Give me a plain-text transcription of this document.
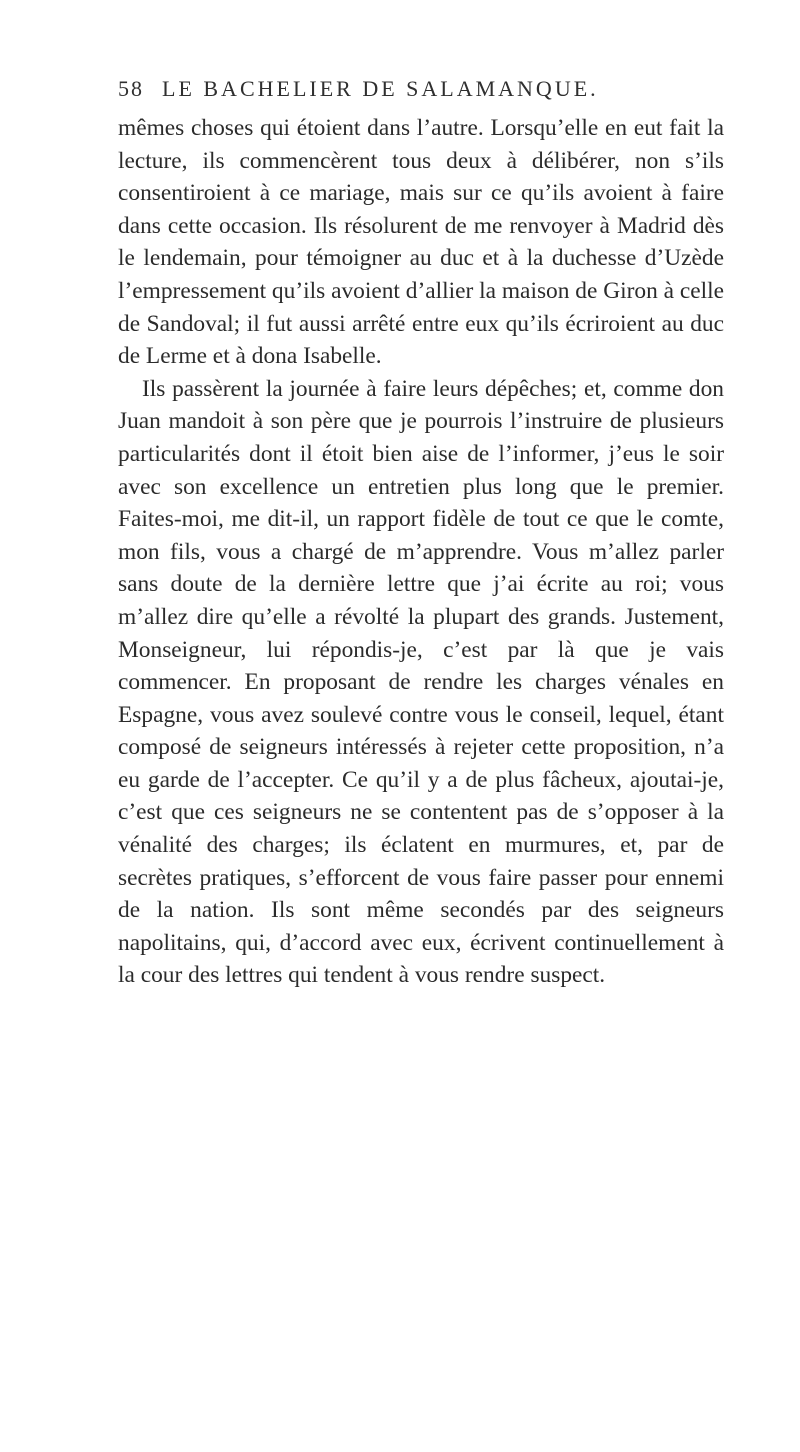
58 LE BACHELIER DE SALAMANQUE.

mêmes choses qui étoient dans l’autre. Lorsqu’elle en eut fait la lecture, ils commencèrent tous deux à délibérer, non s’ils consentiroient à ce mariage, mais sur ce qu’ils avoient à faire dans cette occasion. Ils résolurent de me renvoyer à Madrid dès le lendemain, pour témoigner au duc et à la duchesse d’Uzède l’empressement qu’ils avoient d’allier la maison de Giron à celle de Sandoval; il fut aussi arrêté entre eux qu’ils écriroient au duc de Lerme et à dona Isabelle.

Ils passèrent la journée à faire leurs dépêches; et, comme don Juan mandoit à son père que je pourrois l’instruire de plusieurs particularités dont il étoit bien aise de l’informer, j’eus le soir avec son excellence un entretien plus long que le premier. Faites-moi, me dit-il, un rapport fidèle de tout ce que le comte, mon fils, vous a chargé de m’apprendre. Vous m’allez parler sans doute de la dernière lettre que j’ai écrite au roi; vous m’allez dire qu’elle a révolté la plupart des grands. Justement, Monseigneur, lui répondis-je, c’est par là que je vais commencer. En proposant de rendre les charges vénales en Espagne, vous avez soulevé contre vous le conseil, lequel, étant composé de seigneurs intéressés à rejeter cette proposition, n’a eu garde de l’accepter. Ce qu’il y a de plus fâcheux, ajoutai-je, c’est que ces seigneurs ne se contentent pas de s’opposer à la vénalité des charges; ils éclatent en murmures, et, par de secrètes pratiques, s’efforcent de vous faire passer pour ennemi de la nation. Ils sont même secondés par des seigneurs napolitains, qui, d’accord avec eux, écrivent continuellement à la cour des lettres qui tendent à vous rendre suspect.
